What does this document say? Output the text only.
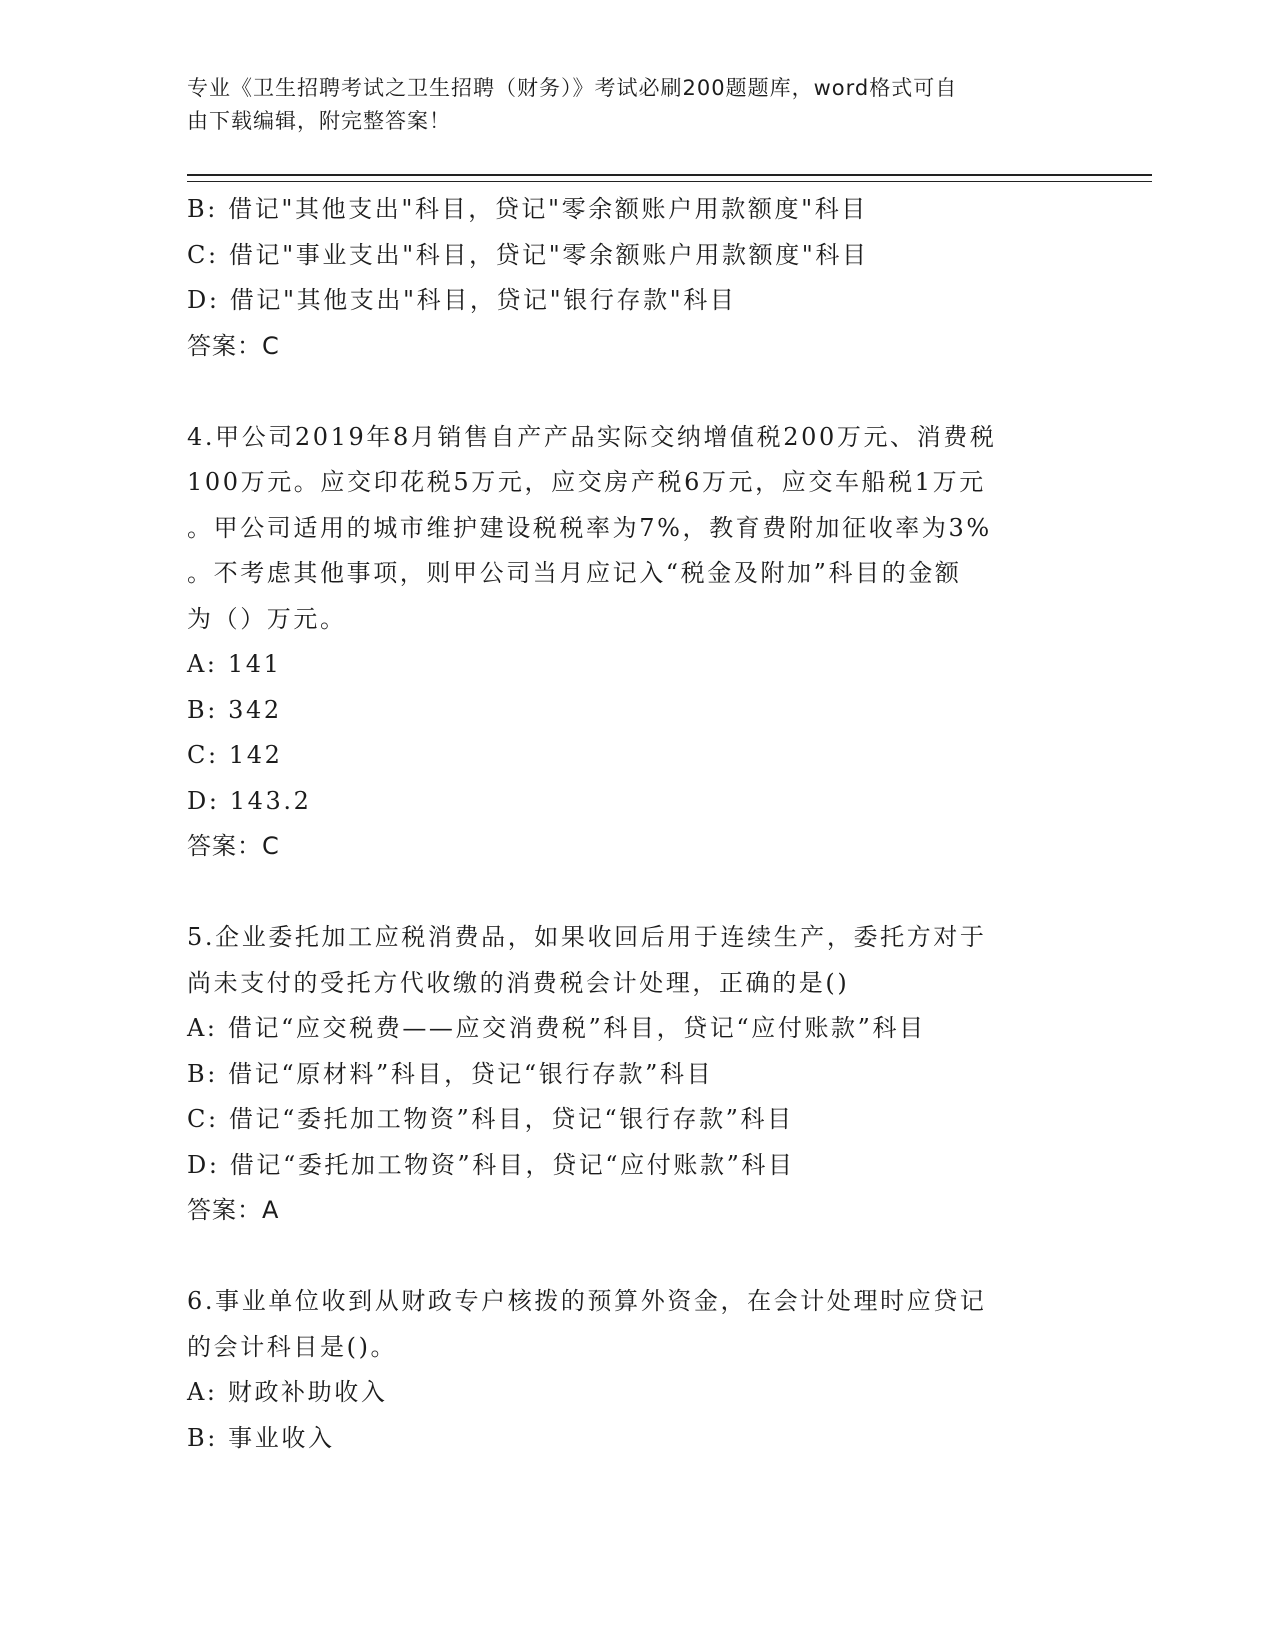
专业《卫生招聘考试之卫生招聘（财务）》考试必刷200题题库，word格式可自
由下载编辑，附完整答案！
B: 借记"其他支出"科目，贷记"零余额账户用款额度"科目
C: 借记"事业支出"科目，贷记"零余额账户用款额度"科目
D: 借记"其他支出"科目，贷记"银行存款"科目
答案：C
4.甲公司2019年8月销售自产产品实际交纳增值税200万元、消费税
100万元。应交印花税5万元，应交房产税6万元，应交车船税1万元
。甲公司适用的城市维护建设税税率为7%，教育费附加征收率为3%
。不考虑其他事项，则甲公司当月应记入“税金及附加”科目的金额
为（）万元。
A: 141
B: 342
C: 142
D: 143.2
答案：C
5.企业委托加工应税消费品，如果收回后用于连续生产，委托方对于
尚未支付的受托方代收缴的消费税会计处理，正确的是()
A: 借记“应交税费——应交消费税”科目，贷记“应付账款”科目
B: 借记“原材料”科目，贷记“银行存款”科目
C: 借记“委托加工物资”科目，贷记“银行存款”科目
D: 借记“委托加工物资”科目，贷记“应付账款”科目
答案：A
6.事业单位收到从财政专户核拨的预算外资金，在会计处理时应贷记
的会计科目是()。
A: 财政补助收入
B: 事业收入
